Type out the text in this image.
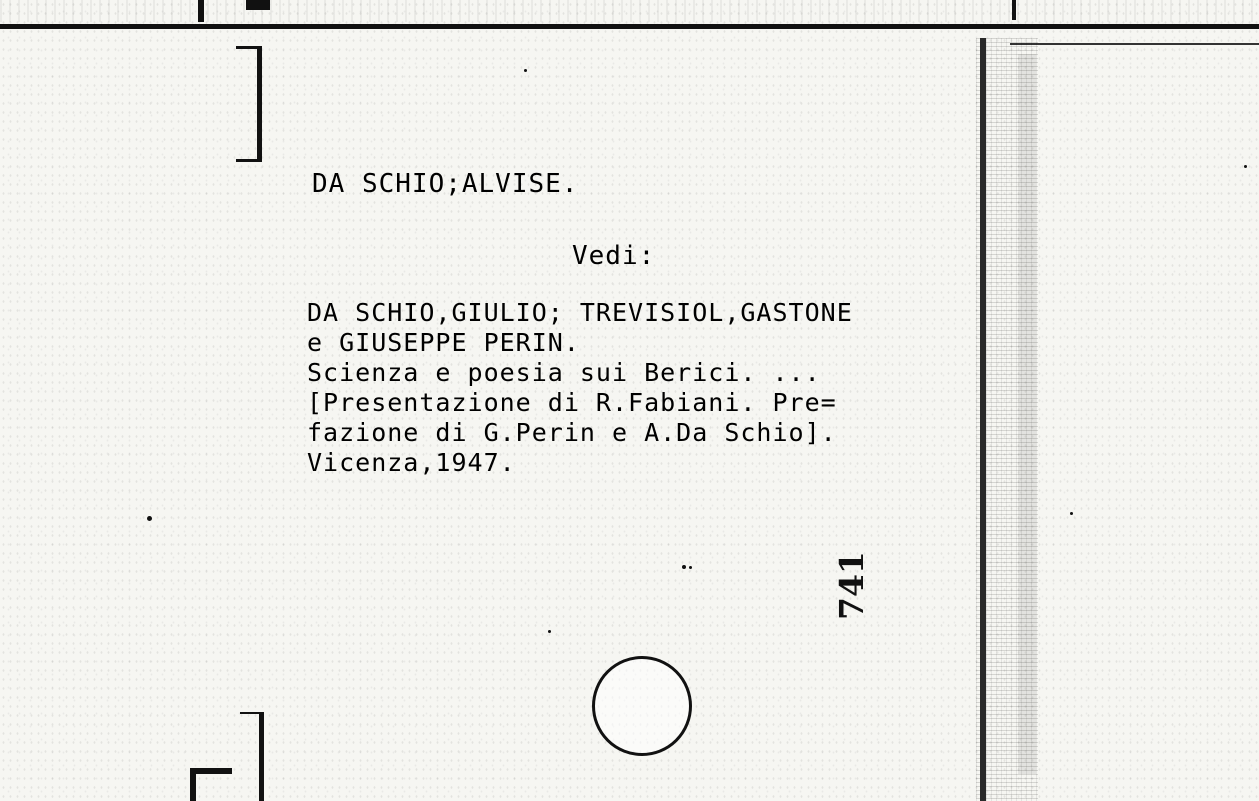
DA SCHIO;ALVISE.
Vedi:
DA SCHIO,GIULIO; TREVISIOL,GASTONE
e GIUSEPPE PERIN.
Scienza e poesia sui Berici. ...
[Presentazione di R.Fabiani. Pre=
fazione di G.Perin e A.Da Schio].
Vicenza,1947.
741
